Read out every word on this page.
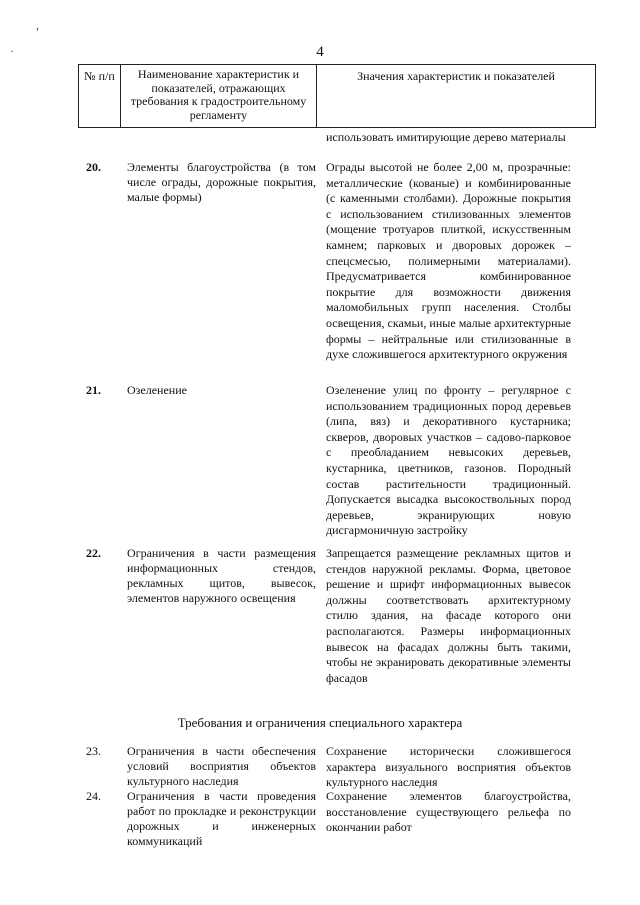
4
,
·
№ п/п	Наименование характеристик и показателей, отражающих требования к градостроительному регламенту
Значения характеристик и показателей
использовать имитирующие дерево материалы
20. Элементы благоустройства (в том числе ограды, дорожные покрытия, малые формы)
Ограды высотой не более 2,00 м, прозрачные: металлические (кованые) и комбинированные (с каменными столбами). Дорожные покрытия с использованием стилизованных элементов (мощение тротуаров плиткой, искусственным камнем; парковых и дворовых дорожек – спецсмесью, полимерными материалами). Предусматривается комбинированное покрытие для возможности движения маломобильных групп населения. Столбы освещения, скамьи, иные малые архитектурные формы – нейтральные или стилизованные в духе сложившегося архитектурного окружения
21. Озеленение	Озеленение улиц по фронту – регулярное с использованием традиционных пород деревьев (липа, вяз) и декоративного кустарника; скверов, дворовых участков – садово-парковое с преобладанием невысоких деревьев, кустарника, цветников, газонов. Породный состав растительности традиционный. Допускается высадка высокоствольных пород деревьев, экранирующих новую дисгармоничную застройку
22. Ограничения в части размещения информационных стендов, рекламных щитов, вывесок, элементов наружного освещения
Запрещается размещение рекламных щитов и стендов наружной рекламы. Форма, цветовое решение и шрифт информационных вывесок должны соответствовать архитектурному стилю здания, на фасаде которого они располагаются. Размеры информационных вывесок на фасадах должны быть такими, чтобы не экранировать декоративные элементы фасадов
Требования и ограничения специального характера
23. Ограничения в части обеспечения условий восприятия объектов культурного наследия
Сохранение исторически сложившегося характера визуального восприятия объектов культурного наследия
24. Ограничения в части проведения работ по прокладке и реконструкции дорожных и инженерных коммуникаций
Сохранение элементов благоустройства, восстановление существующего рельефа по окончании работ
